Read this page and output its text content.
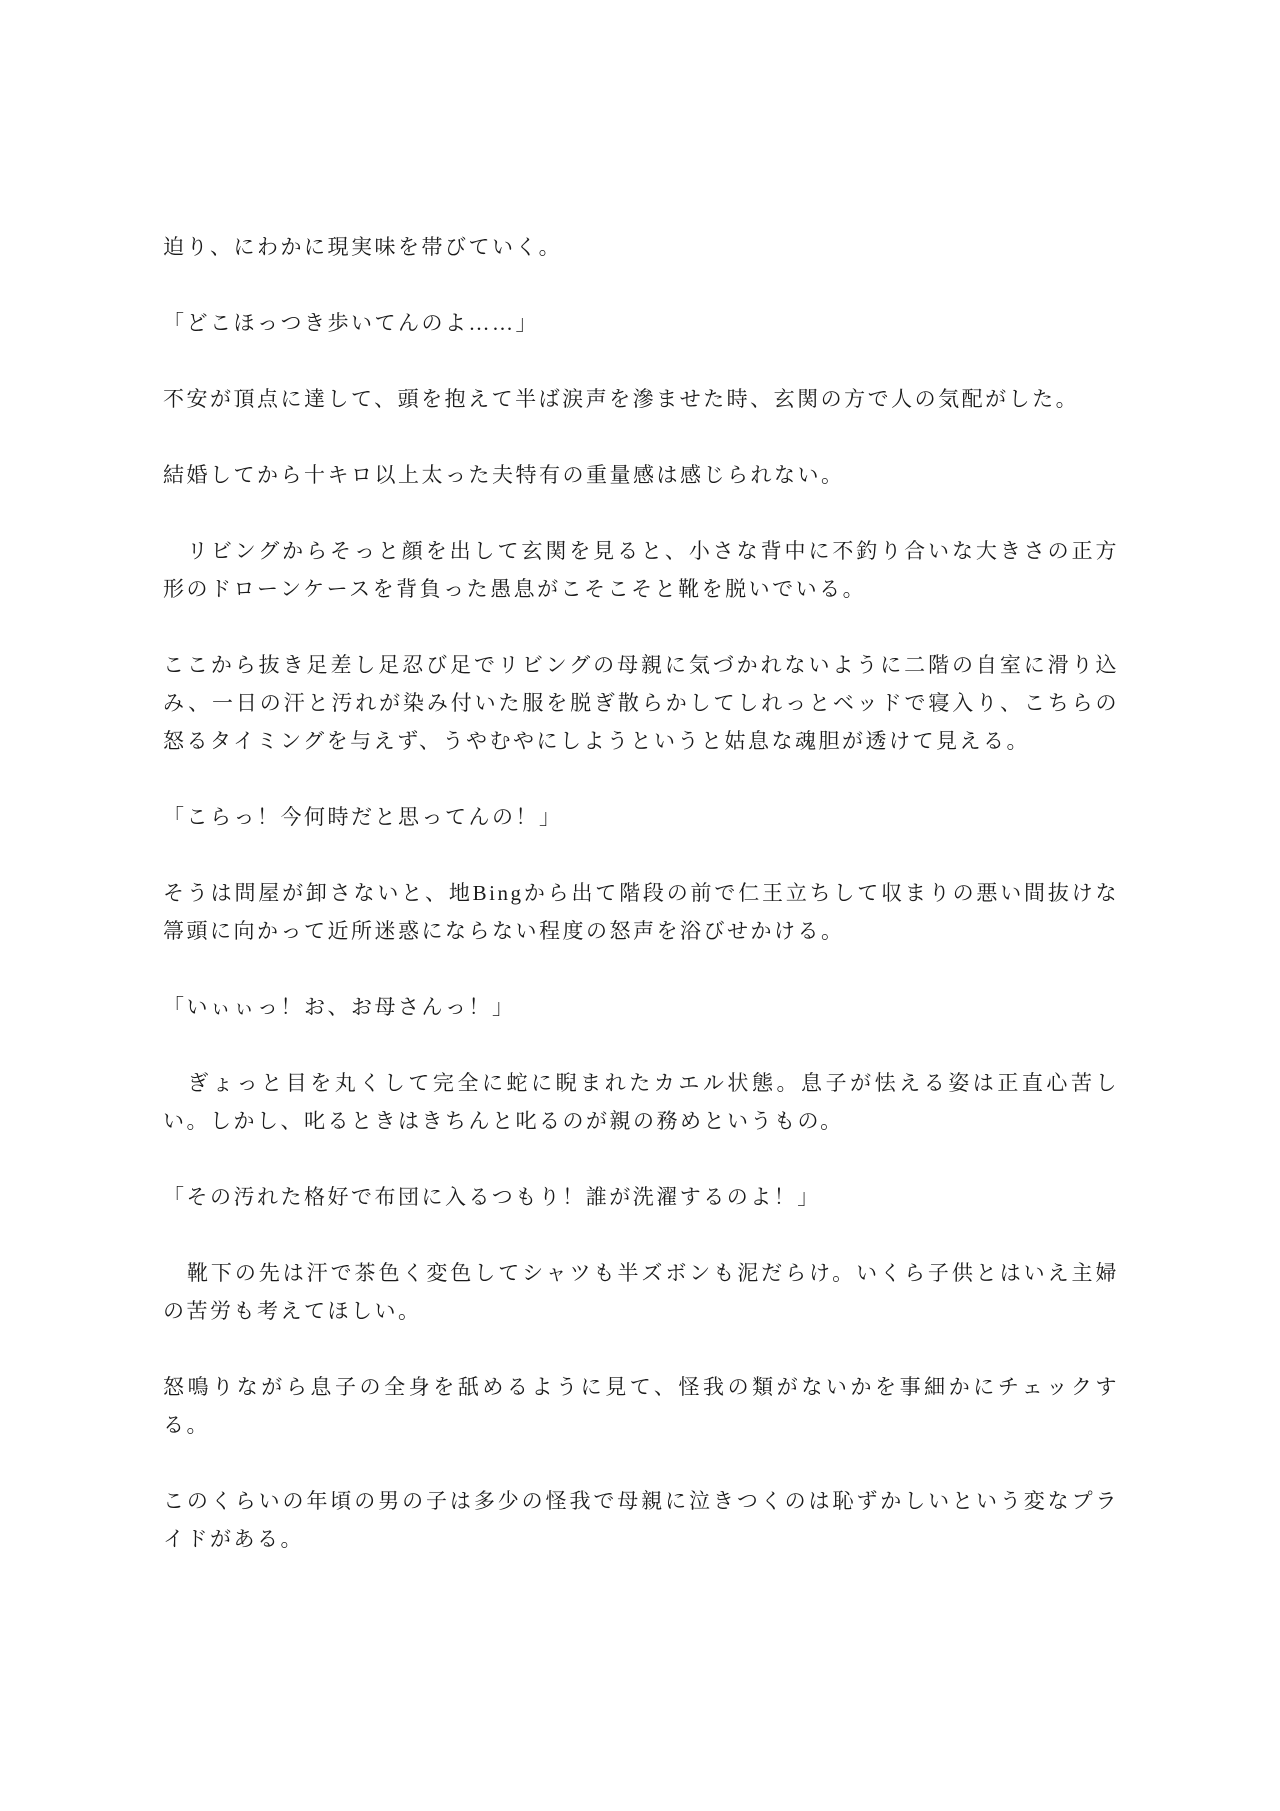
迫り、にわかに現実味を帯びていく。

「どこほっつき歩いてんのよ……」

不安が頂点に達して、頭を抱えて半ば涙声を滲ませた時、玄関の方で人の気配がした。

結婚してから十キロ以上太った夫特有の重量感は感じられない。

　リビングからそっと顔を出して玄関を見ると、小さな背中に不釣り合いな大きさの正方形のドローンケースを背負った愚息がこそこそと靴を脱いでいる。

ここから抜き足差し足忍び足でリビングの母親に気づかれないように二階の自室に滑り込み、一日の汗と汚れが染み付いた服を脱ぎ散らかしてしれっとベッドで寝入り、こちらの怒るタイミングを与えず、うやむやにしようというと姑息な魂胆が透けて見える。

「こらっ！今何時だと思ってんの！」

そうは問屋が卸さないと、地Bingから出て階段の前で仁王立ちして収まりの悪い間抜けな箒頭に向かって近所迷惑にならない程度の怒声を浴びせかける。

「いぃぃっ！お、お母さんっ！」

　ぎょっと目を丸くして完全に蛇に睨まれたカエル状態。息子が怯える姿は正直心苦しい。しかし、叱るときはきちんと叱るのが親の務めというもの。

「その汚れた格好で布団に入るつもり！誰が洗濯するのよ！」

　靴下の先は汗で茶色く変色してシャツも半ズボンも泥だらけ。いくら子供とはいえ主婦の苦労も考えてほしい。

怒鳴りながら息子の全身を舐めるように見て、怪我の類がないかを事細かにチェックする。

このくらいの年頃の男の子は多少の怪我で母親に泣きつくのは恥ずかしいという変なプライドがある。
